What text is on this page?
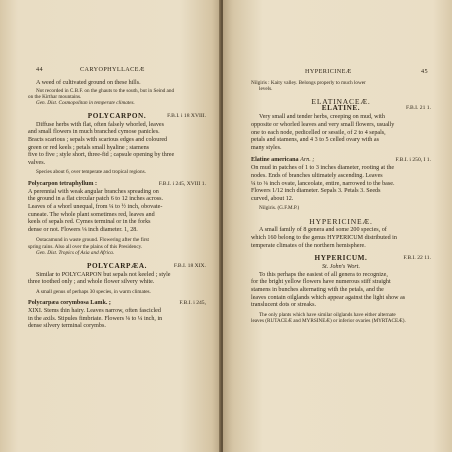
44	CARYOPHYLLACEÆ

A weed of cultivated ground on these hills.

Not recorded in C.B.F. on the ghauts to the south, but in Seind and

on the Kirthar mountains.

Gen. Dist. Cosmopolitan in temperate climates.

POLYCARPON.	F.B.I. i 18 XVIII.

Diffuse herbs with flat, often falsely whorled, leaves

and small flowers in much branched cymose panicles.

Bracts scarious ; sepals with scarious edges and coloured

green or red keels ; petals small hyaline ; stamens

five to five ; style short, three-fid ; capsule opening by three

valves.

Species about 6, over temperate and tropical regions.

Polycarpon tetraphyllum :	F.B.I. i 245, XVIII 1.

A perennial with weak angular branches spreading on

the ground in a flat circular patch 6 to 12 inches across.

Leaves of a whorl unequal, from ¼ to ½ inch, obovate-

cuneate. The whole plant sometimes red, leaves and

keels of sepals red. Cymes terminal or in the forks

dense or not. Flowers ⅛ inch diameter. 1, 28.

Ootacamund in waste ground. Flowering after the first

spring rains. Also all over the plains of this Presidency.

Gen. Dist. Tropics of Asia and Africa.

POLYCARPÆA.	F.B.I. 18 XIX.

Similar to POLYCARPON but sepals not keeled ; style

three toothed only ; and whole flower silvery white.

A small genus of perhaps 30 species, in warm climates.

Polycarpæa corymbosa Lamk. ;	F.B.I. i 245,

XIXI. Stems thin hairy. Leaves narrow, often fascicled

in the axils. Stipules fimbriate. Flowers ⅛ to ¼ inch, in

dense silvery terminal corymbs.

HYPERICINEÆ	45

Nilgiris : Kaity valley. Belongs properly to much lower

levels.

ELATINACEÆ.
ELATINE.	F.B.I. 21 1.

Very small and tender herbs, creeping on mud, with

opposite or whorled leaves and very small flowers, usually

one to each node, pedicelled or sessile, of 2 to 4 sepals,

petals and stamens, and 4 3 to 5 celled ovary with as

many styles.

Elatine americana Arn. ;	F.B.I. i 250, I 1.

On mud in patches of 1 to 3 inches diameter, rooting at the

nodes. Ends of branches ultimately ascending. Leaves

¼ to ⅛ inch ovate, lanceolate, entire, narrowed to the base.

Flowers 1/12 inch diameter. Sepals 3. Petals 3. Seeds

curved, about 12.

Nilgiris. (G.F.M.P.)

HYPERICINEÆ.

A small family of 8 genera and some 200 species, of

which 160 belong to the genus HYPERICUM distributed in

temperate climates of the northern hemisphere.

HYPERICUM.	F.B.I. 22 11.
St. John's Wort.

To this perhaps the easiest of all genera to recognize,

for the bright yellow flowers have numerous stiff straight

stamens in bunches alternating with the petals, and the

leaves contain oilglands which appear against the light show as

translucent dots or streaks.

The only plants which have similar oilglands have either alternate

leaves (RUTACEÆ and MYRSINEÆ) or inferior ovaries (MYRTACEÆ).
